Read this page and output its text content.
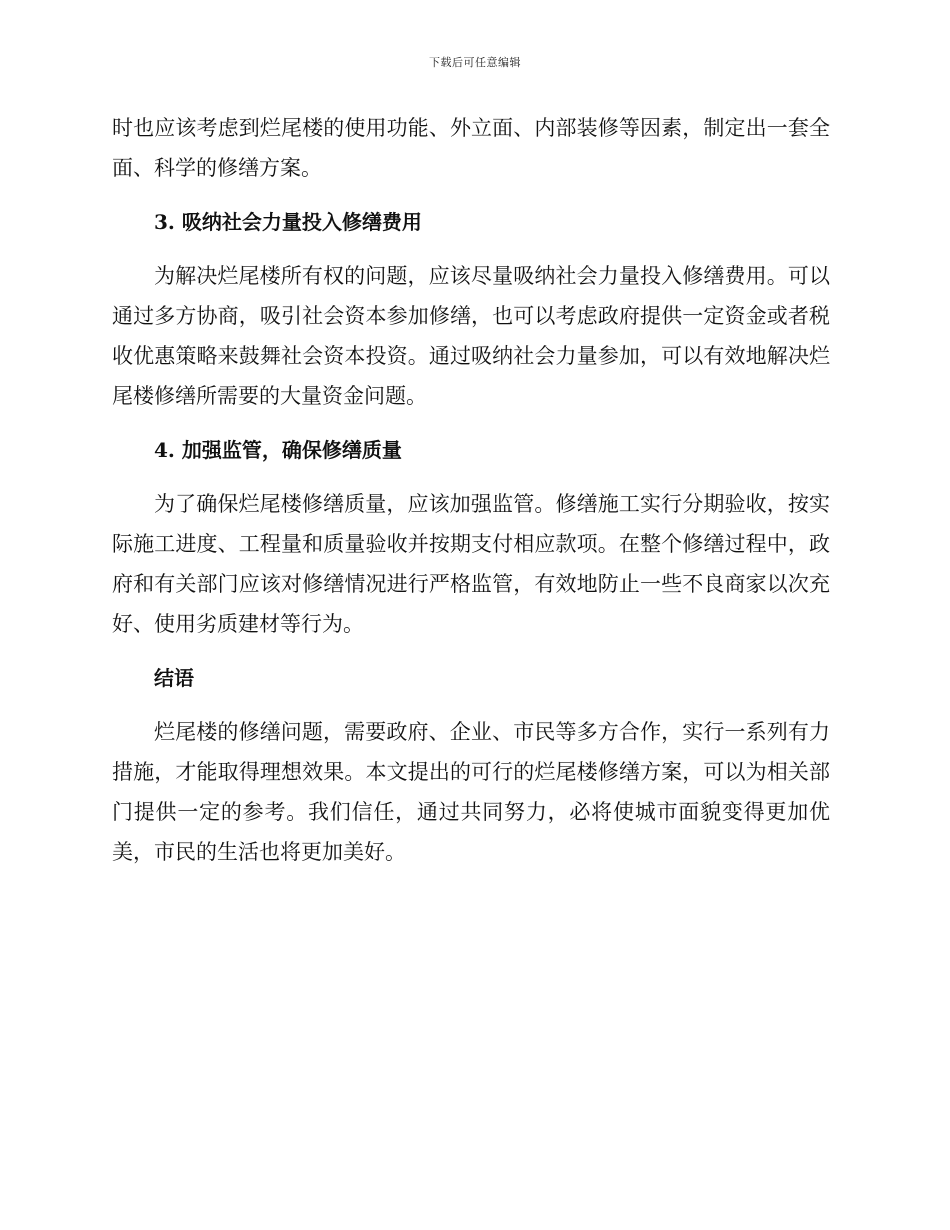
下载后可任意编辑

时也应该考虑到烂尾楼的使用功能、外立面、内部装修等因素，制定出一套全面、科学的修缮方案。

3. 吸纳社会力量投入修缮费用

为解决烂尾楼所有权的问题，应该尽量吸纳社会力量投入修缮费用。可以通过多方协商，吸引社会资本参加修缮，也可以考虑政府提供一定资金或者税收优惠策略来鼓舞社会资本投资。通过吸纳社会力量参加，可以有效地解决烂尾楼修缮所需要的大量资金问题。

4. 加强监管，确保修缮质量

为了确保烂尾楼修缮质量，应该加强监管。修缮施工实行分期验收，按实际施工进度、工程量和质量验收并按期支付相应款项。在整个修缮过程中，政府和有关部门应该对修缮情况进行严格监管，有效地防止一些不良商家以次充好、使用劣质建材等行为。

结语

烂尾楼的修缮问题，需要政府、企业、市民等多方合作，实行一系列有力措施，才能取得理想效果。本文提出的可行的烂尾楼修缮方案，可以为相关部门提供一定的参考。我们信任，通过共同努力，必将使城市面貌变得更加优美，市民的生活也将更加美好。
